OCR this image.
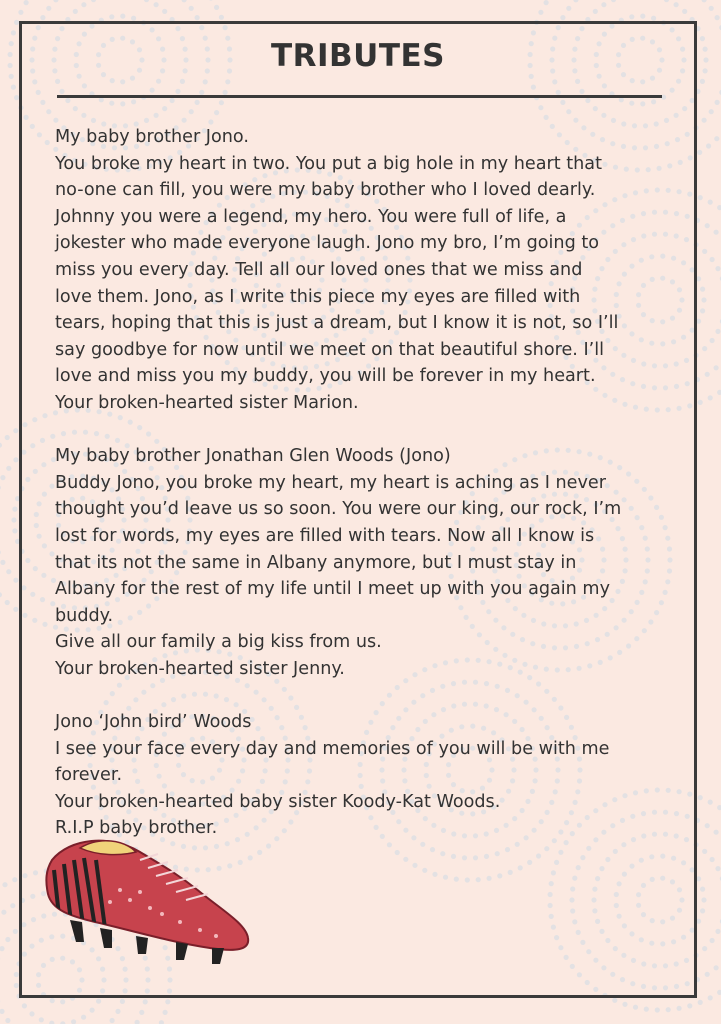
TRIBUTES

My baby brother Jono.

You broke my heart in two. You put a big hole in my heart that

no-one can fill, you were my baby brother who I loved dearly.

Johnny you were a legend, my hero. You were full of life, a

jokester who made everyone laugh. Jono my bro, I’m going to

miss you every day. Tell all our loved ones that we miss and

love them. Jono, as I write this piece my eyes are filled with

tears, hoping that this is just a dream, but I know it is not, so I’ll

say goodbye for now until we meet on that beautiful shore. I’ll

love and miss you my buddy, you will be forever in my heart.

Your broken-hearted sister Marion.

My baby brother Jonathan Glen Woods (Jono)

Buddy Jono, you broke my heart, my heart is aching as I never

thought you’d leave us so soon. You were our king, our rock, I’m

lost for words, my eyes are filled with tears. Now all I know is

that its not the same in Albany anymore, but I must stay in

Albany for the rest of my life until I meet up with you again my

buddy.

Give all our family a big kiss from us.

Your broken-hearted sister Jenny.

Jono ‘John bird’ Woods

I see your face every day and memories of you will be with me

forever.

Your broken-hearted baby sister Koody-Kat Woods.

R.I.P baby brother.
